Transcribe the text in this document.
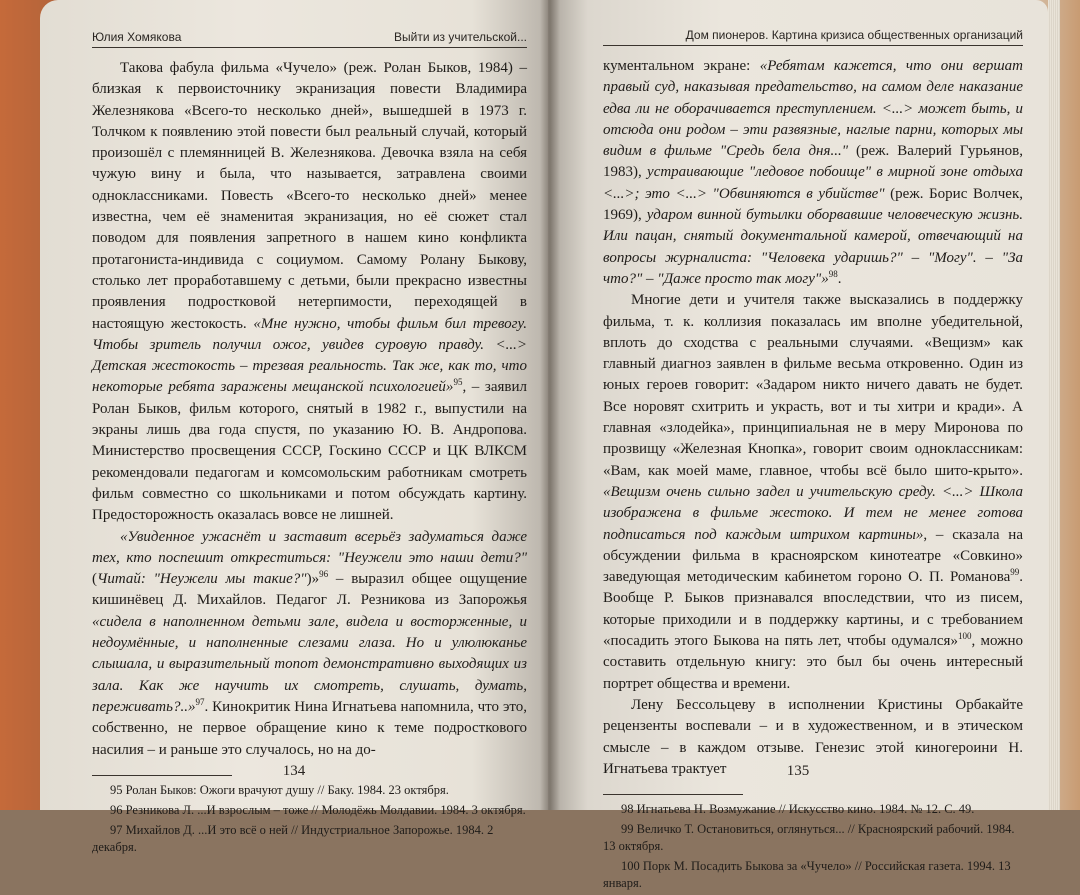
Юлия Хомякова	Выйти из учительской...

Такова фабула фильма «Чучело» (реж. Ролан Быков, 1984) – близкая к первоисточнику экранизация повести Владимира Железнякова «Всего-то несколько дней», вышедшей в 1973 г. Толчком к появлению этой повести был реальный случай, который произошёл с племянницей В. Железнякова. Девочка взяла на себя чужую вину и была, что называется, затравлена своими одноклассниками. Повесть «Всего-то несколько дней» менее известна, чем её знаменитая экранизация, но её сюжет стал поводом для появления запретного в нашем кино конфликта протагониста-индивида с социумом. Самому Ролану Быкову, столько лет проработавшему с детьми, были прекрасно известны проявления подростковой нетерпимости, переходящей в настоящую жестокость. «Мне нужно, чтобы фильм бил тревогу. Чтобы зритель получил ожог, увидев суровую правду. <...> Детская жестокость – трезвая реальность. Так же, как то, что некоторые ребята заражены мещанской психологией»$^{95}$, – заявил Ролан Быков, фильм которого, снятый в 1982 г., выпустили на экраны лишь два года спустя, по указанию Ю. В. Андропова. Министерство просвещения СССР, Госкино СССР и ЦК ВЛКСМ рекомендовали педагогам и комсомольским работникам смотреть фильм совместно со школьниками и потом обсуждать картину. Предосторожность оказалась вовсе не лишней.

«Увиденное ужаснёт и заставит всерьёз задуматься даже тех, кто поспешит откреститься: "Неужели это наши дети?" (Читай: "Неужели мы такие?")»$^{96}$ – выразил общее ощущение кишинёвец Д. Михайлов. Педагог Л. Резникова из Запорожья «сидела в наполненном детьми зале, видела и восторженные, и недоумённые, и наполненные слезами глаза. Но и улюлюканье слышала, и выразительный топот демонстративно выходящих из зала. Как же научить их смотреть, слушать, думать, переживать?..»$^{97}$. Кинокритик Нина Игнатьева напомнила, что это, собственно, не первое обращение кино к теме подросткового насилия – и раньше это случалось, но на до-

95 Ролан Быков: Ожоги врачуют душу // Баку. 1984. 23 октября.

96 Резникова Л. ...И взрослым – тоже // Молодёжь Молдавии. 1984. 3 октября.

97 Михайлов Д. ...И это всё о ней // Индустриальное Запорожье. 1984. 2 декабря.

134
Дом пионеров. Картина кризиса общественных организаций

кументальном экране: «Ребятам кажется, что они вершат правый суд, наказывая предательство, на самом деле наказание едва ли не оборачивается преступлением. <...> может быть, и отсюда они родом – эти развязные, наглые парни, которых мы видим в фильме "Средь бела дня..." (реж. Валерий Гурьянов, 1983), устраивающие "ледовое побоище" в мирной зоне отдыха <...>; это <...> "Обвиняются в убийстве" (реж. Борис Волчек, 1969), ударом винной бутылки оборвавшие человеческую жизнь. Или пацан, снятый документальной камерой, отвечающий на вопросы журналиста: "Человека ударишь?" – "Могу". – "За что?" – "Даже просто так могу"»$^{98}$.

Многие дети и учителя также высказались в поддержку фильма, т. к. коллизия показалась им вполне убедительной, вплоть до сходства с реальными случаями. «Вещизм» как главный диагноз заявлен в фильме весьма откровенно. Один из юных героев говорит: «Задаром никто ничего давать не будет. Все норовят схитрить и украсть, вот и ты хитри и кради». А главная «злодейка», принципиальная не в меру Миронова по прозвищу «Железная Кнопка», говорит своим одноклассникам: «Вам, как моей маме, главное, чтобы всё было шито-крыто». «Вещизм очень сильно задел и учительскую среду. <...> Школа изображена в фильме жестоко. И тем не менее готова подписаться под каждым штрихом картины», – сказала на обсуждении фильма в красноярском кинотеатре «Совкино» заведующая методическим кабинетом гороно О. П. Романова$^{99}$. Вообще Р. Быков признавался впоследствии, что из писем, которые приходили и в поддержку картины, и с требованием «посадить этого Быкова на пять лет, чтобы одумался»$^{100}$, можно составить отдельную книгу: это был бы очень интересный портрет общества и времени.

Лену Бессольцеву в исполнении Кристины Орбакайте рецензенты воспевали – и в художественном, и в этическом смысле – в каждом отзыве. Генезис этой киногероини Н. Игнатьева трактует

98 Игнатьева Н. Возмужание // Искусство кино. 1984. № 12. С. 49.

99 Величко Т. Остановиться, оглянуться... // Красноярский рабочий. 1984. 13 октября.

100 Порк М. Посадить Быкова за «Чучело» // Российская газета. 1994. 13 января.

135
